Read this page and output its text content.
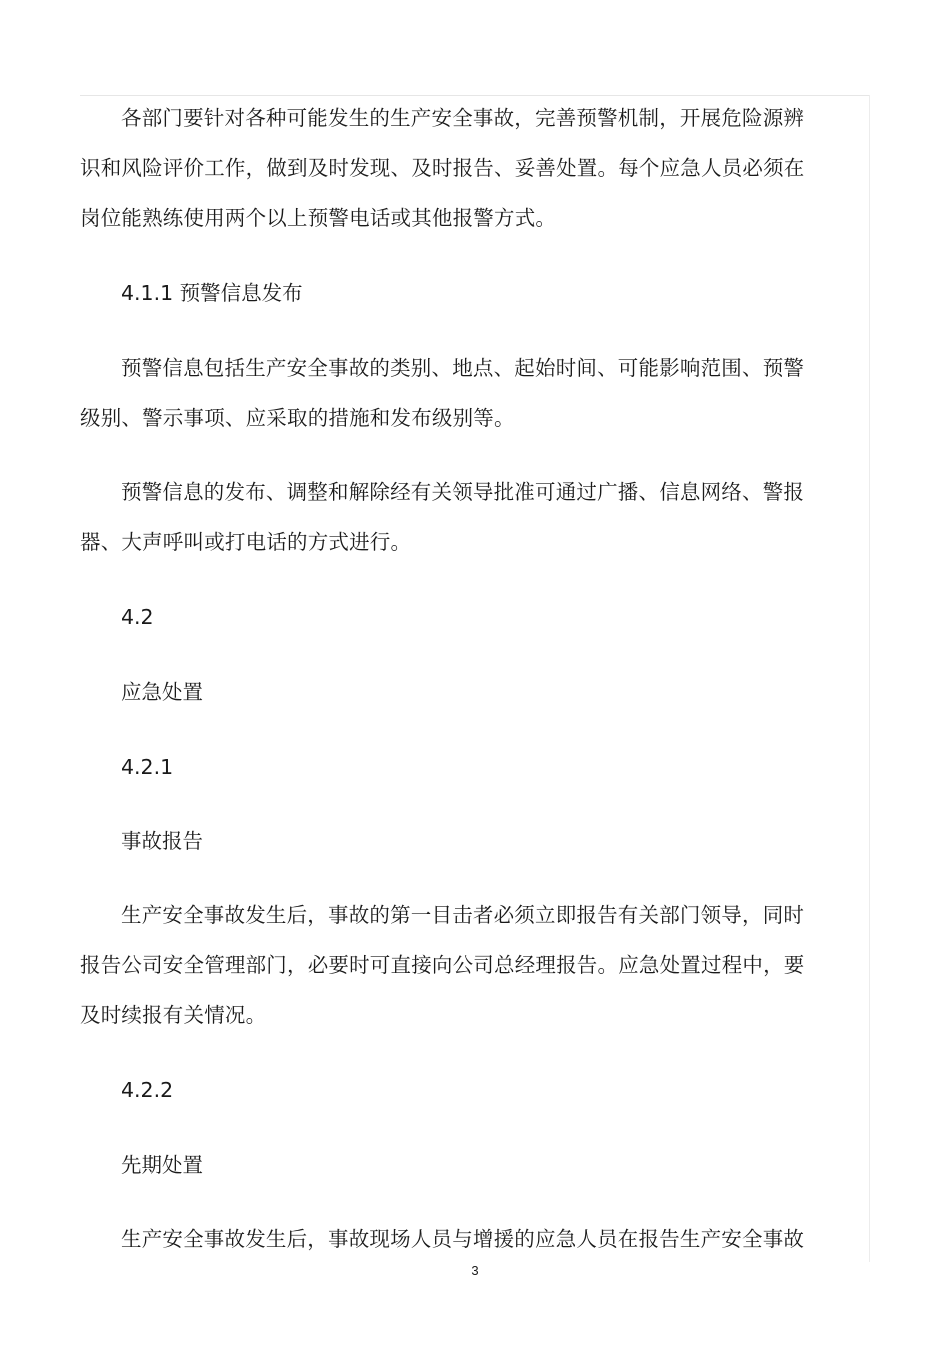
各部门要针对各种可能发生的生产安全事故，完善预警机制，开展危险源辨识和风险评价工作，做到及时发现、及时报告、妥善处置。每个应急人员必须在岗位能熟练使用两个以上预警电话或其他报警方式。

4.1.1 预警信息发布

预警信息包括生产安全事故的类别、地点、起始时间、可能影响范围、预警级别、警示事项、应采取的措施和发布级别等。

预警信息的发布、调整和解除经有关领导批准可通过广播、信息网络、警报器、大声呼叫或打电话的方式进行。

4.2
应急处置
4.2.1
事故报告

生产安全事故发生后，事故的第一目击者必须立即报告有关部门领导，同时报告公司安全管理部门，必要时可直接向公司总经理报告。应急处置过程中，要及时续报有关情况。

4.2.2
先期处置

生产安全事故发生后，事故现场人员与增援的应急人员在报告生产安全事故

3
